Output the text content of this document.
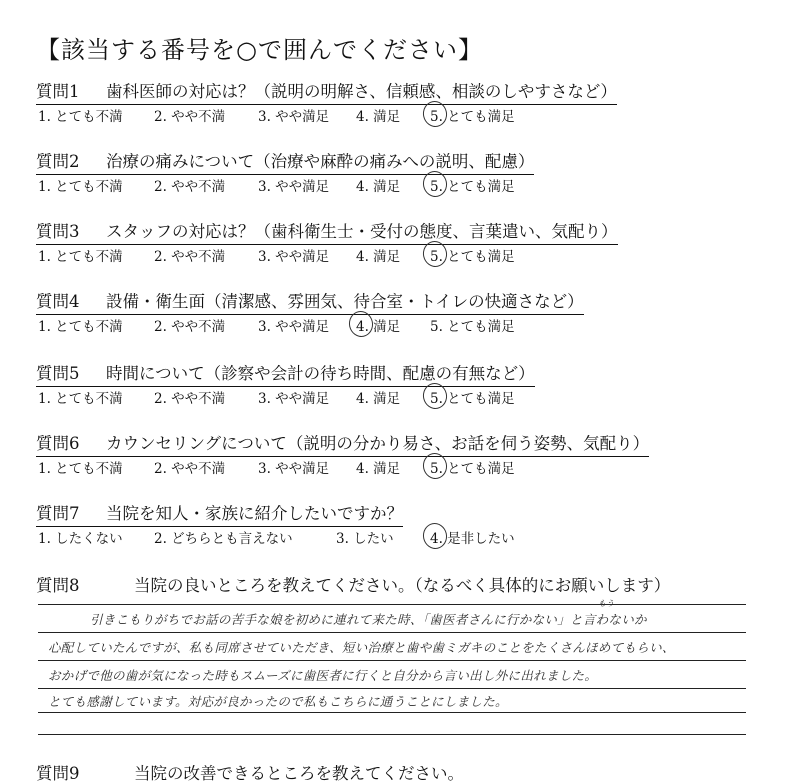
【該当する番号を○で囲んでください】
質問1 歯科医師の対応は？（説明の明解さ、信頼感、相談のしやすさなど）
1. とても不満 2. やや不満 3. やや満足 4. 満足 5. とても満足
質問2 治療の痛みについて（治療や麻酔の痛みへの説明、配慮）
1. とても不満 2. やや不満 3. やや満足 4. 満足 5. とても満足
質問3 スタッフの対応は？（歯科衛生士・受付の態度、言葉遣い、気配り）
1. とても不満 2. やや不満 3. やや満足 4. 満足 5. とても満足
質問4 設備・衛生面（清潔感、雰囲気、待合室・トイレの快適さなど）
1. とても不満 2. やや不満 3. やや満足 4. 満足 5. とても満足
質問5 時間について（診察や会計の待ち時間、配慮の有無など）
1. とても不満 2. やや不満 3. やや満足 4. 満足 5. とても満足
質問6 カウンセリングについて（説明の分かり易さ、お話を伺う姿勢、気配り）
1. とても不満 2. やや不満 3. やや満足 4. 満足 5. とても満足
質問7 当院を知人・家族に紹介したいですか？
1. したくない 2. どちらとも言えない	3. したい	4. 是非したい
質問8	当院の良いところを教えてください。（なるべく具体的にお願いします）
引きこもりがちでお話の苦手な娘を初めに連れて来た時、「歯医者さんに行かない」と言わないか
もう
心配していたんですが、私も同席させていただき、短い治療と歯や歯ミガキのことをたくさんほめてもらい、
おかげで他の歯が気になった時もスムーズに歯医者に行くと自分から言い出し外に出れました。
とても感謝しています。対応が良かったので私もこちらに通うことにしました。
質問9	当院の改善できるところを教えてください。
